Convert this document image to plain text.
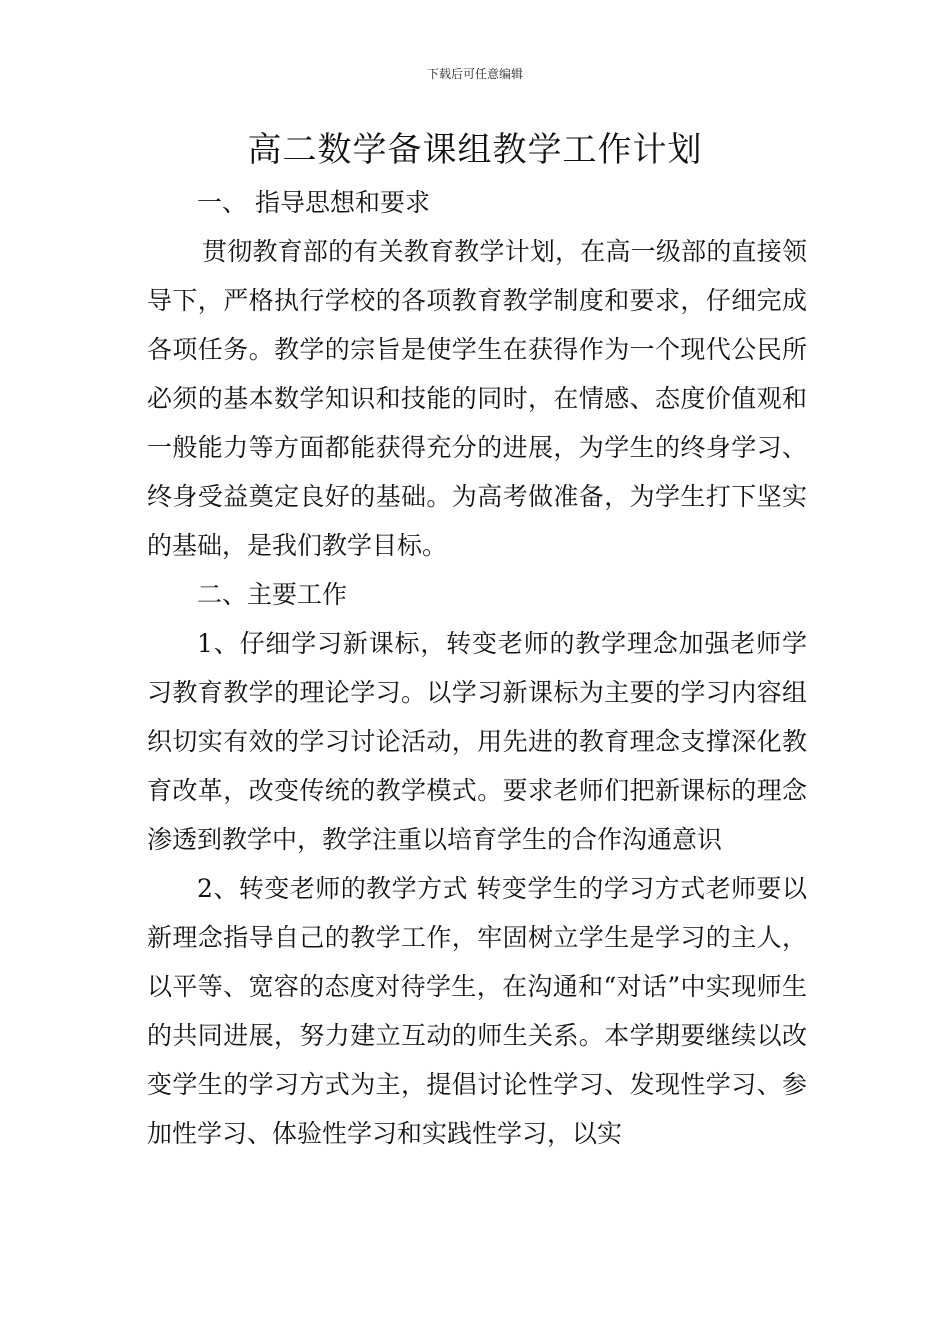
下载后可任意编辑
高二数学备课组教学工作计划

一、 指导思想和要求

贯彻教育部的有关教育教学计划，在高一级部的直接领导下，严格执行学校的各项教育教学制度和要求，仔细完成各项任务。教学的宗旨是使学生在获得作为一个现代公民所必须的基本数学知识和技能的同时，在情感、态度价值观和一般能力等方面都能获得充分的进展，为学生的终身学习、终身受益奠定良好的基础。为高考做准备，为学生打下坚实的基础，是我们教学目标。

二、主要工作

1、仔细学习新课标，转变老师的教学理念加强老师学习教育教学的理论学习。以学习新课标为主要的学习内容组织切实有效的学习讨论活动，用先进的教育理念支撑深化教育改革，改变传统的教学模式。要求老师们把新课标的理念渗透到教学中，教学注重以培育学生的合作沟通意识

2、转变老师的教学方式 转变学生的学习方式老师要以新理念指导自己的教学工作，牢固树立学生是学习的主人，以平等、宽容的态度对待学生，在沟通和“对话”中实现师生的共同进展，努力建立互动的师生关系。本学期要继续以改变学生的学习方式为主，提倡讨论性学习、发现性学习、参加性学习、体验性学习和实践性学习，以实
